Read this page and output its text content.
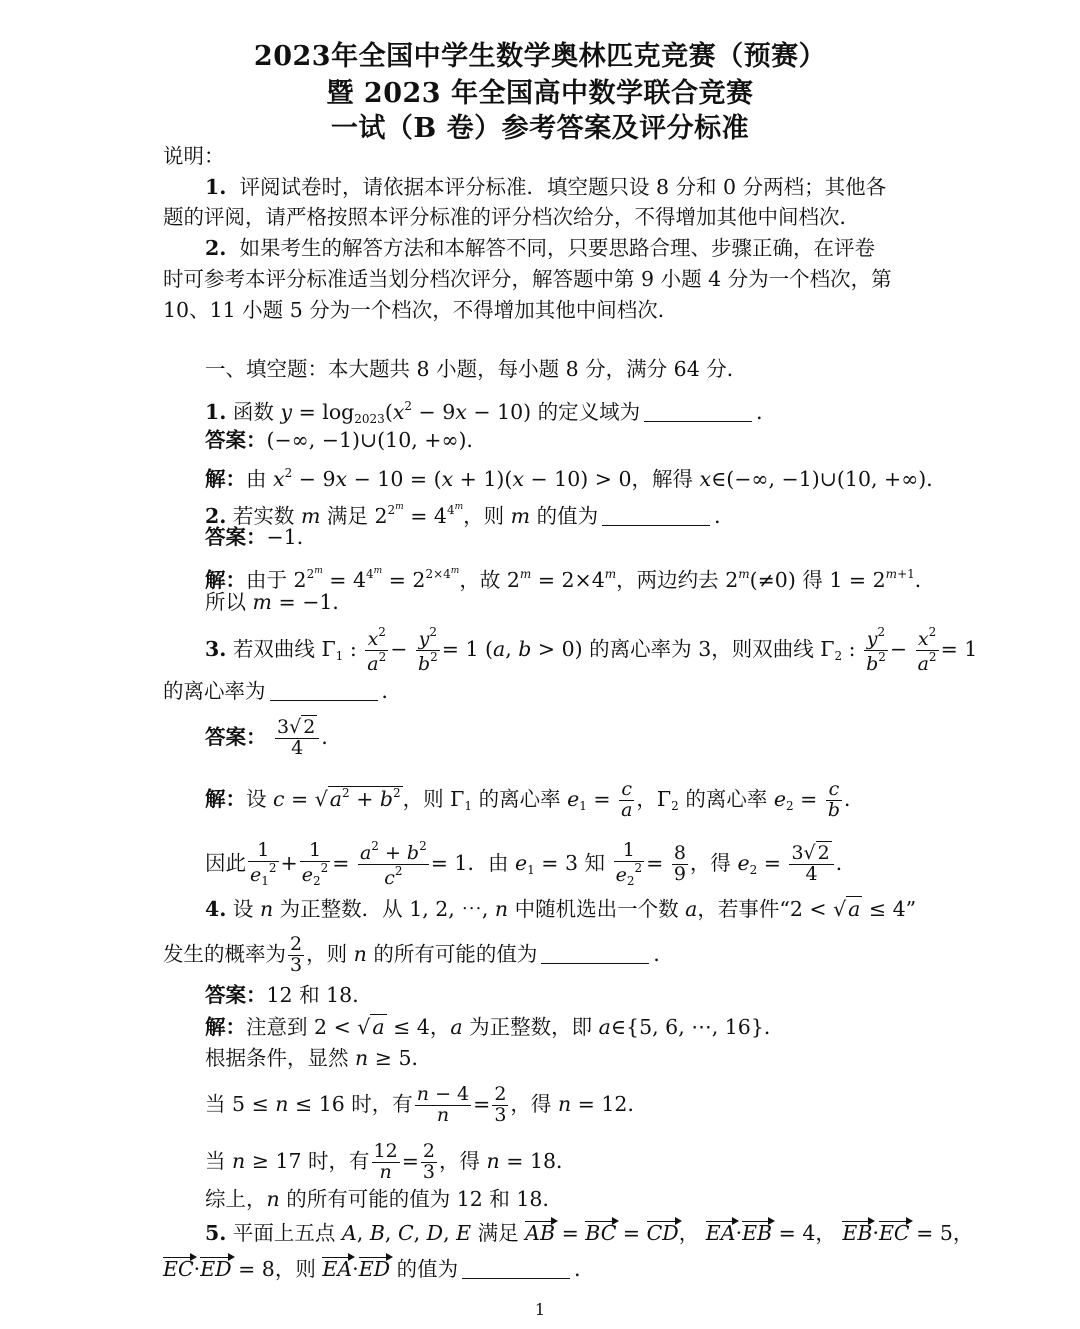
2023年全国中学生数学奥林匹克竞赛（预赛）
暨 2023 年全国高中数学联合竞赛
一试（B 卷）参考答案及评分标准
说明：
1. 评阅试卷时，请依据本评分标准．填空题只设 8 分和 0 分两档；其他各
题的评阅，请严格按照本评分标准的评分档次给分，不得增加其他中间档次．
2. 如果考生的解答方法和本解答不同，只要思路合理、步骤正确，在评卷
时可参考本评分标准适当划分档次评分，解答题中第 9 小题 4 分为一个档次，第
10、11 小题 5 分为一个档次，不得增加其他中间档次．
一、填空题：本大题共 8 小题，每小题 8 分，满分 64 分．
1. 函数 $y = \log_{2023}(x^2 - 9x - 10)$ 的定义域为	．
答案：(−∞, −1)∪(10, +∞)．
解：由 $x^2 - 9x - 10 = (x + 1)(x - 10) > 0$，解得 x∈(−∞, −1)∪(10, +∞)．
2. 若实数 m 满足 $2^{2^m} = 4^{4^m}$，则 m 的值为	．
答案：−1．
解：由于 $2^{2^m} = 4^{4^m} = 2^{2\times 4^m}$，故 $2^m = 2\times 4^m$，两边约去 $2^m(\ne 0)$ 得 $1 = 2^{m+1}$．
所以 m = −1．
3. 若双曲线 $\Gamma_1$ : $\frac{x^2}{a^2} - \frac{y^2}{b^2} = 1$ (a, b > 0) 的离心率为 3，则双曲线 $\Gamma_2$ : $\frac{y^2}{b^2} - \frac{x^2}{a^2} = 1$
的离心率为	．
答案： $\frac{3√ 2}{4}$ ．
解：设 $c = √a^2 + b^2$，则 $\Gamma_1$ 的离心率 $e_1 = \frac{c}{a}$ ，$\Gamma_2$ 的离心率 $e_2 = \frac{c}{b}$ ．
因此 $\frac{1}{e_1^2} + \frac{1}{e_2^2} = \frac{a^2 + b^2}{c^2} = 1$．由 $e_1 = 3$ 知 $\frac{1}{e_2^2} = \frac{8}{9}$ ，得 $e_2 = \frac{3√ 2}{4}$ ．
4. 设 n 为正整数．从 1, 2, ⋯, n 中随机选出一个数 a，若事件“2 < √a ≤ 4”
发生的概率为 $\frac{2}{3}$ ，则 n 的所有可能的值为	．
答案：12 和 18．
解：注意到 2 < √a ≤ 4，a 为正整数，即 a∈{5, 6, ⋯, 16}．
根据条件，显然 n ≥ 5．
当 5 ≤ n ≤ 16 时，有 $\frac{n - 4}{n} = \frac{2}{3}$ ，得 n = 12．
当 n ≥ 17 时，有 $\frac{12}{n} = \frac{2}{3}$ ，得 n = 18．
综上，n 的所有可能的值为 12 和 18．
5. 平面上五点 A, B, C, D, E 满足 AB = BC = CD， EA·EB = 4， EB·EC = 5，
EC·ED = 8，则 EA·ED 的值为	．
1
